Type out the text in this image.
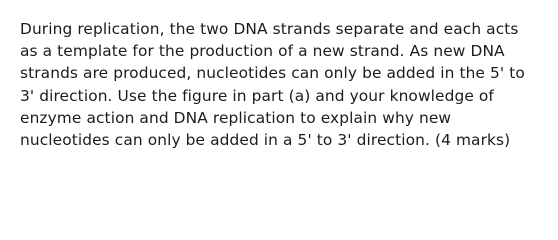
During replication, the two DNA strands separate and each acts
as a template for the production of a new strand. As new DNA
strands are produced, nucleotides can only be added in the 5' to
3' direction. Use the figure in part (a) and your knowledge of
enzyme action and DNA replication to explain why new
nucleotides can only be added in a 5' to 3' direction. (4 marks)
